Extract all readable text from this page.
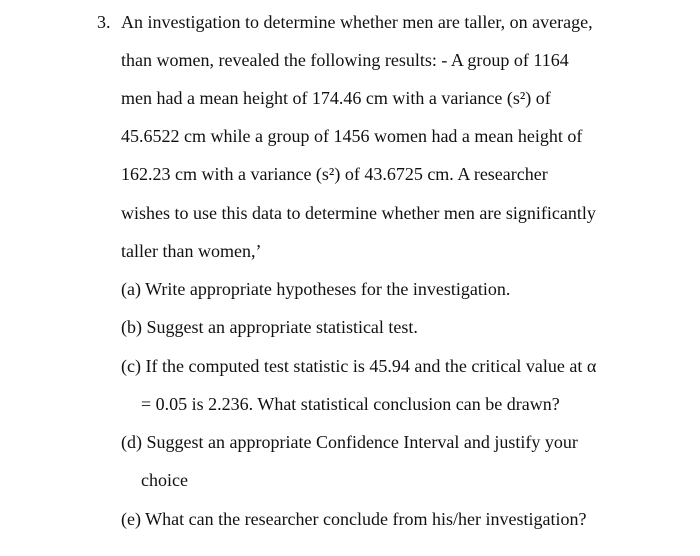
3. An investigation to determine whether men are taller, on average,
than women, revealed the following results: - A group of 1164
men had a mean height of 174.46 cm with a variance (s²) of
45.6522 cm while a group of 1456 women had a mean height of
162.23 cm with a variance (s²) of 43.6725 cm. A researcher
wishes to use this data to determine whether men are significantly
taller than women,’
(a) Write appropriate hypotheses for the investigation.
(b) Suggest an appropriate statistical test.
(c) If the computed test statistic is 45.94 and the critical value at α
= 0.05 is 2.236. What statistical conclusion can be drawn?
(d) Suggest an appropriate Confidence Interval and justify your
choice
(e) What can the researcher conclude from his/her investigation?
